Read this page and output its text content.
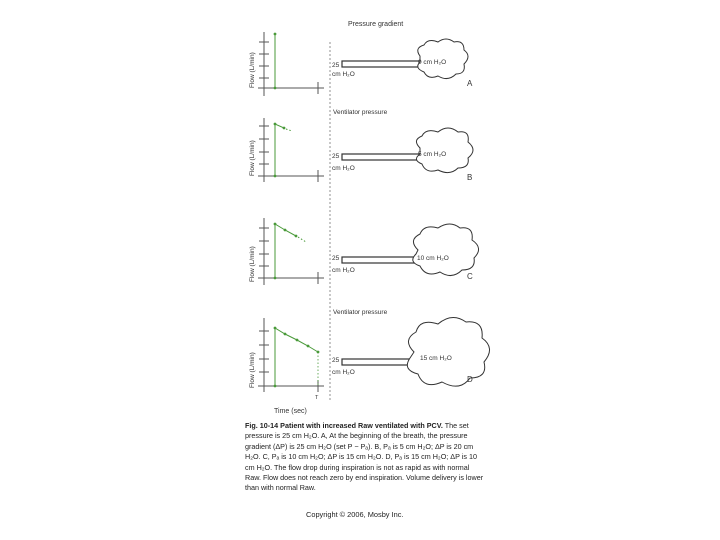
Pressure gradient
Ventilator pressure
Ventilator pressure
Flow (L/min)	25
cm H₂O
0 cm H₂O
A
Flow (L/min)	25
cm H₂O
5 cm H₂O
B
Flow (L/min)	25
cm H₂O
10 cm H₂O
C
Flow (L/min)	25
cm H₂O
15 cm H₂O
D
T
Time (sec)
Fig. 10-14 Patient with increased Raw ventilated with PCV. The set pressure is 25 cm H₂O. A, At the beginning of the breath, the pressure gradient (ΔP) is 25 cm H₂O (set P − Pₐ). B, Pₐ is 5 cm H₂O; ΔP is 20 cm H₂O. C, Pₐ is 10 cm H₂O; ΔP is 15 cm H₂O. D, Pₐ is 15 cm H₂O; ΔP is 10 cm H₂O. The flow drop during inspiration is not as rapid as with normal Raw. Flow does not reach zero by end inspiration. Volume delivery is lower than with normal Raw.
Copyright © 2006, Mosby Inc.
